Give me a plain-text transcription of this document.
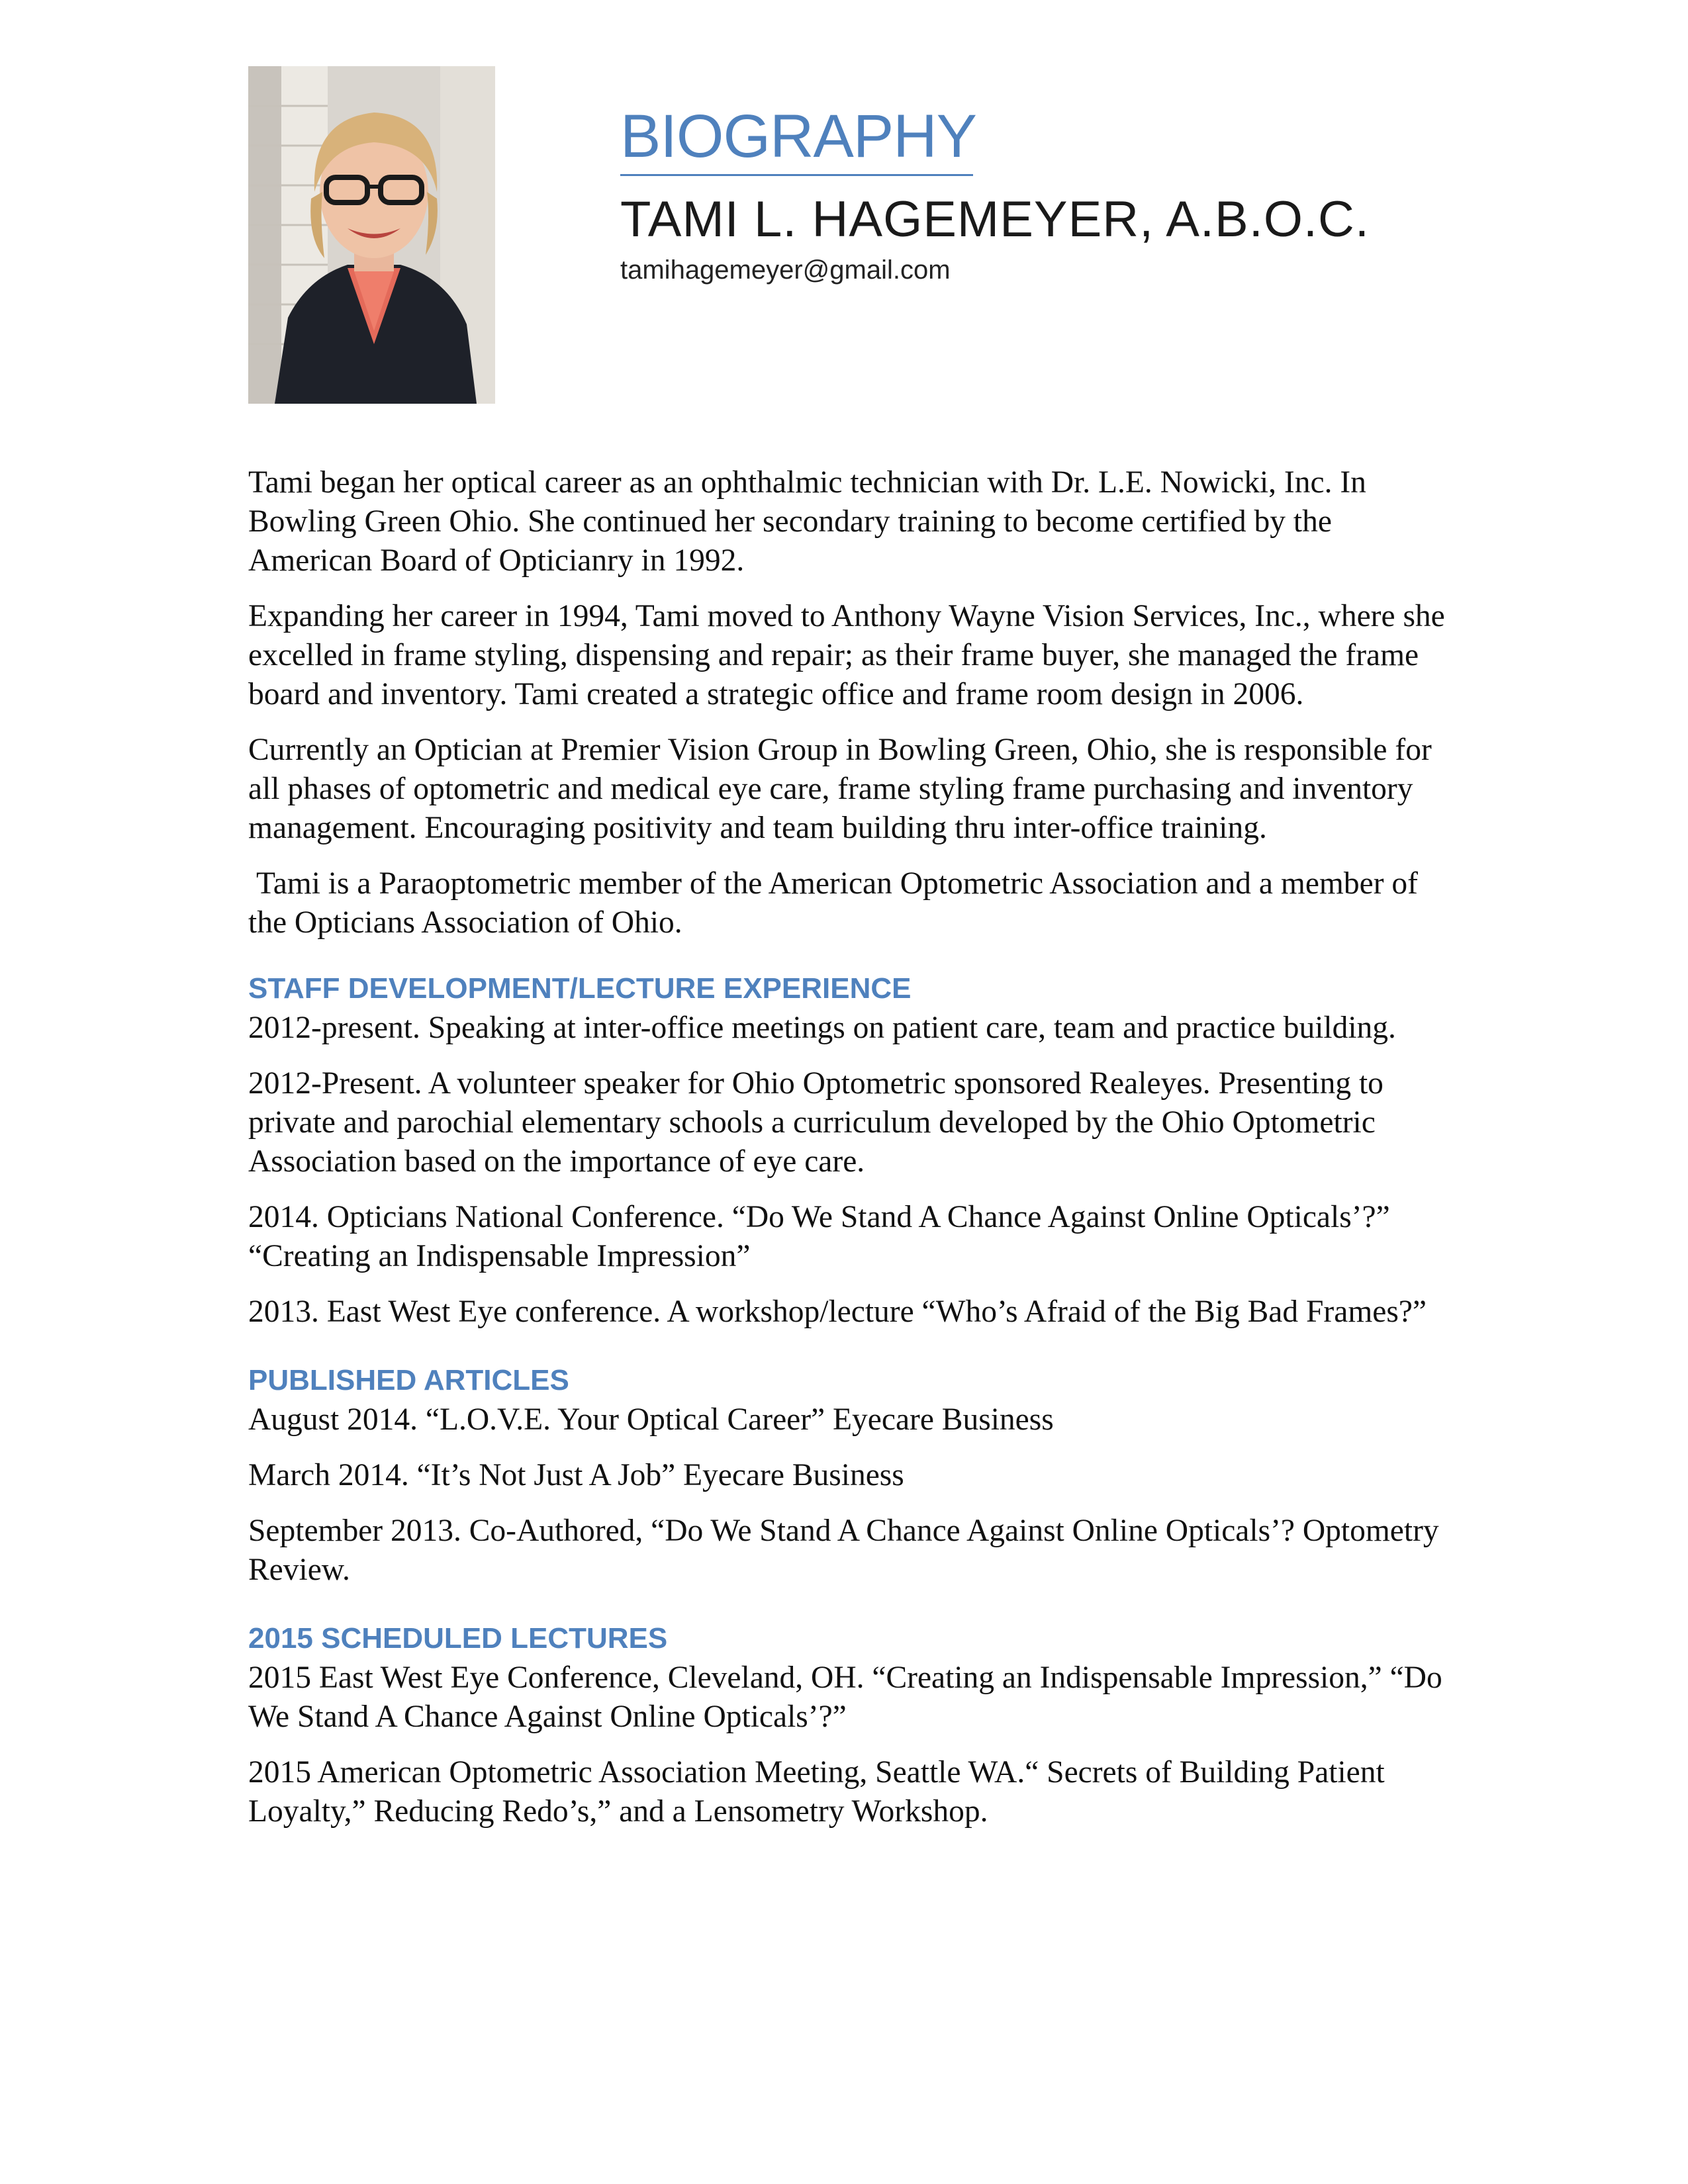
BIOGRAPHY
TAMI L. HAGEMEYER, A.B.O.C.
tamihagemeyer@gmail.com

Tami began her optical career as an ophthalmic technician with Dr. L.E. Nowicki, Inc. In Bowling Green Ohio. She continued her secondary training to become certified by the American Board of Opticianry in 1992.

Expanding her career in 1994, Tami moved to Anthony Wayne Vision Services, Inc., where she excelled in frame styling, dispensing and repair; as their frame buyer, she managed the frame board and inventory. Tami created a strategic office and frame room design in 2006.

Currently an Optician at Premier Vision Group in Bowling Green, Ohio, she is responsible for all phases of optometric and medical eye care, frame styling frame purchasing and inventory management. Encouraging positivity and team building thru inter-office training.

Tami is a Paraoptometric member of the American Optometric Association and a member of the Opticians Association of Ohio.

STAFF DEVELOPMENT/LECTURE EXPERIENCE

2012-present. Speaking at inter-office meetings on patient care, team and practice building.

2012-Present. A volunteer speaker for Ohio Optometric sponsored Realeyes. Presenting to private and parochial elementary schools a curriculum developed by the Ohio Optometric Association based on the importance of eye care.

2014. Opticians National Conference. “Do We Stand A Chance Against Online Opticals’?” “Creating an Indispensable Impression”

2013. East West Eye conference. A workshop/lecture “Who’s Afraid of the Big Bad Frames?”

PUBLISHED ARTICLES

August 2014. “L.O.V.E. Your Optical Career” Eyecare Business

March 2014. “It’s Not Just A Job” Eyecare Business

September 2013. Co-Authored, “Do We Stand A Chance Against Online Opticals’? Optometry Review.

2015 SCHEDULED LECTURES

2015 East West Eye Conference, Cleveland, OH. “Creating an Indispensable Impression,” “Do We Stand A Chance Against Online Opticals’?”

2015 American Optometric Association Meeting, Seattle WA.“ Secrets of Building Patient Loyalty,” Reducing Redo’s,” and a Lensometry Workshop.
